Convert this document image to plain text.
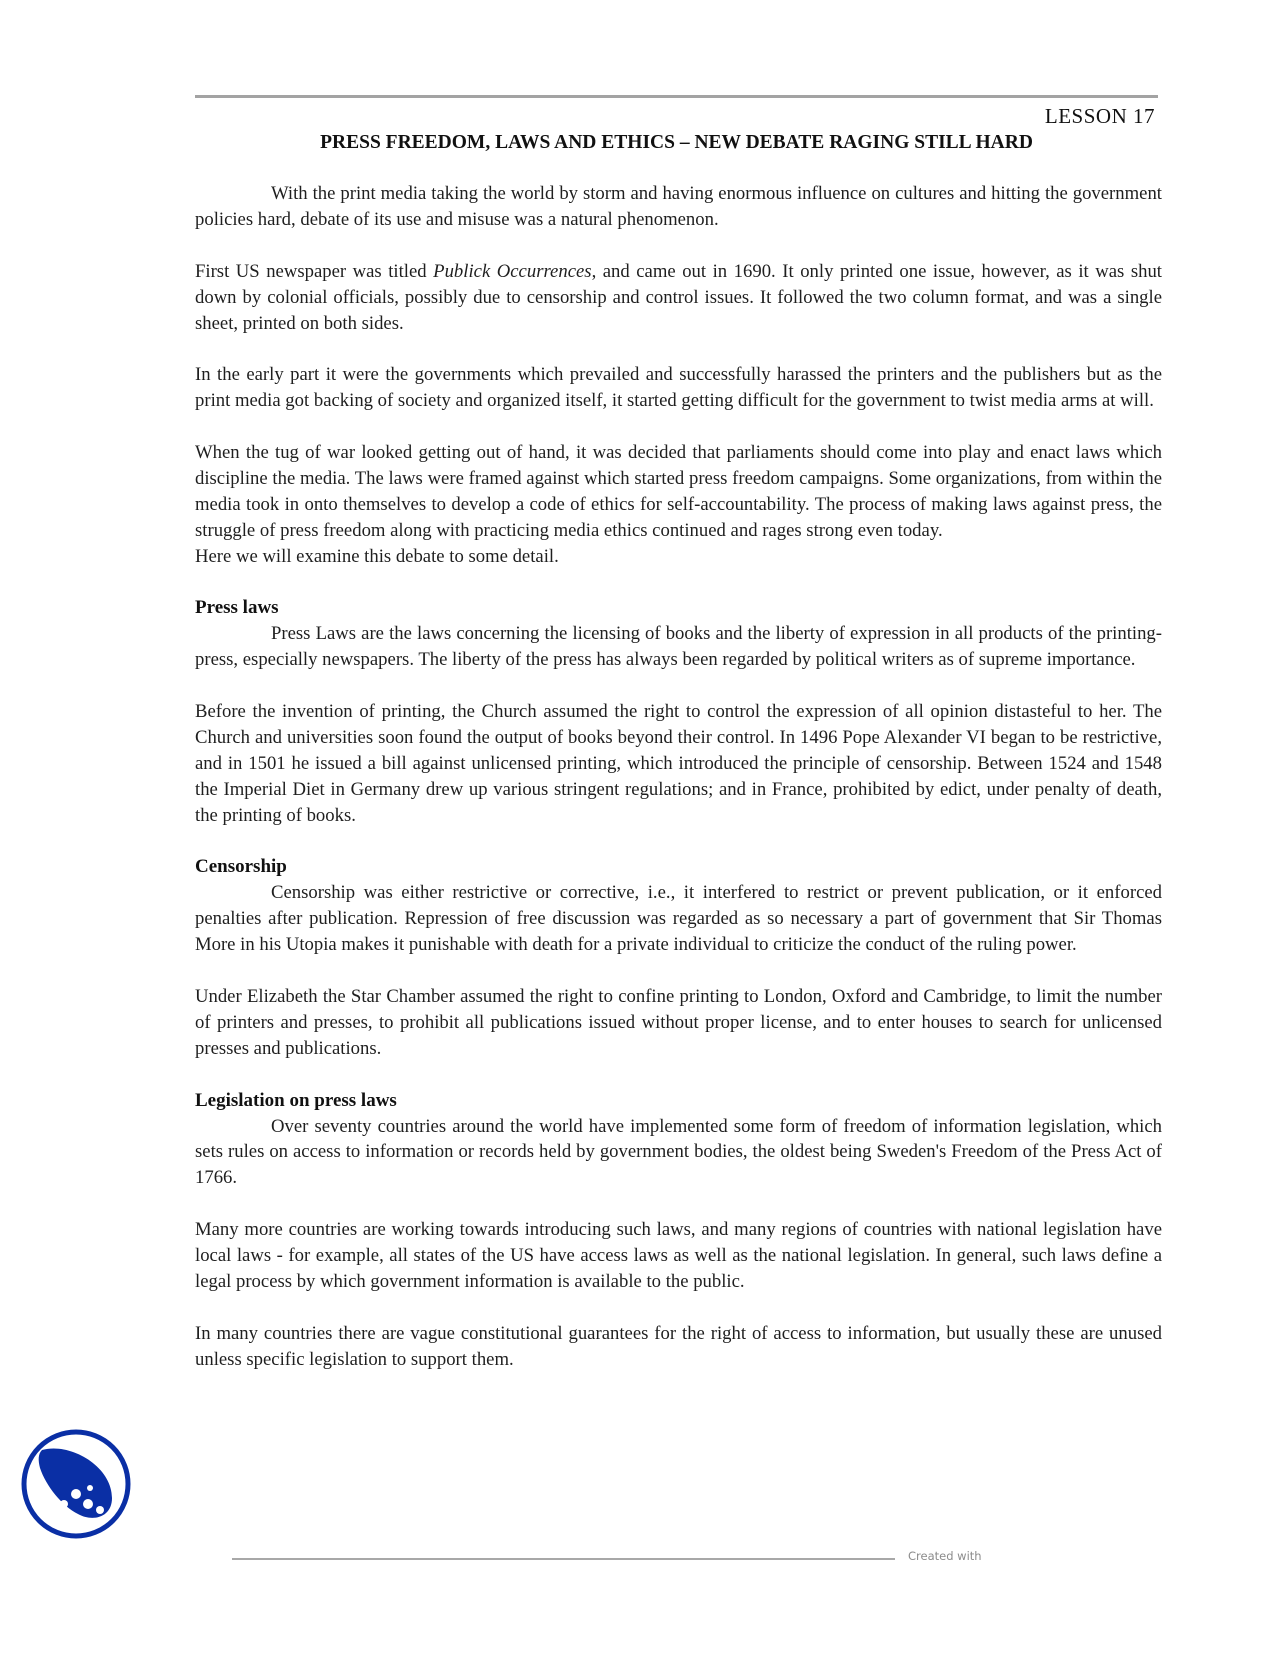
LESSON 17
PRESS FREEDOM, LAWS AND ETHICS – NEW DEBATE RAGING STILL HARD

With the print media taking the world by storm and having enormous influence on cultures and hitting the government policies hard, debate of its use and misuse was a natural phenomenon.

First US newspaper was titled Publick Occurrences, and came out in 1690. It only printed one issue, however, as it was shut down by colonial officials, possibly due to censorship and control issues. It followed the two column format, and was a single sheet, printed on both sides.

In the early part it were the governments which prevailed and successfully harassed the printers and the publishers but as the print media got backing of society and organized itself, it started getting difficult for the government to twist media arms at will.

When the tug of war looked getting out of hand, it was decided that parliaments should come into play and enact laws which discipline the media. The laws were framed against which started press freedom campaigns. Some organizations, from within the media took in onto themselves to develop a code of ethics for self-accountability. The process of making laws against press, the struggle of press freedom along with practicing media ethics continued and rages strong even today.

Here we will examine this debate to some detail.

Press laws

Press Laws are the laws concerning the licensing of books and the liberty of expression in all products of the printing-press, especially newspapers. The liberty of the press has always been regarded by political writers as of supreme importance.

Before the invention of printing, the Church assumed the right to control the expression of all opinion distasteful to her. The Church and universities soon found the output of books beyond their control. In 1496 Pope Alexander VI began to be restrictive, and in 1501 he issued a bill against unlicensed printing, which introduced the principle of censorship. Between 1524 and 1548 the Imperial Diet in Germany drew up various stringent regulations; and in France, prohibited by edict, under penalty of death, the printing of books.

Censorship

Censorship was either restrictive or corrective, i.e., it interfered to restrict or prevent publication, or it enforced penalties after publication. Repression of free discussion was regarded as so necessary a part of government that Sir Thomas More in his Utopia makes it punishable with death for a private individual to criticize the conduct of the ruling power.

Under Elizabeth the Star Chamber assumed the right to confine printing to London, Oxford and Cambridge, to limit the number of printers and presses, to prohibit all publications issued without proper license, and to enter houses to search for unlicensed presses and publications.

Legislation on press laws

Over seventy countries around the world have implemented some form of freedom of information legislation, which sets rules on access to information or records held by government bodies, the oldest being Sweden's Freedom of the Press Act of 1766.

Many more countries are working towards introducing such laws, and many regions of countries with national legislation have local laws - for example, all states of the US have access laws as well as the national legislation. In general, such laws define a legal process by which government information is available to the public.

In many countries there are vague constitutional guarantees for the right of access to information, but usually these are unused unless specific legislation to support them.

Created with
